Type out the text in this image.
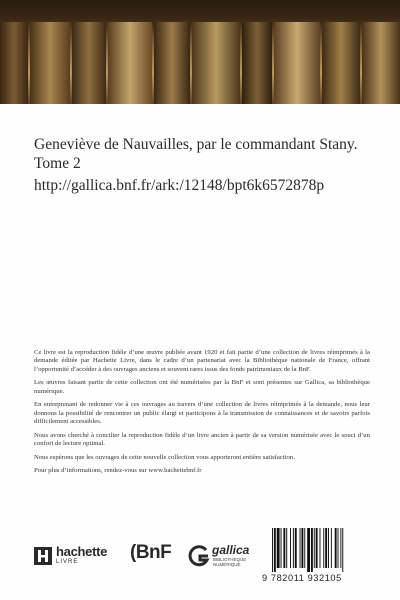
Geneviève de Nauvailles, par le commandant Stany. Tome 2
http://gallica.bnf.fr/ark:/12148/bpt6k6572878p

Ce livre est la reproduction fidèle d’une œuvre publiée avant 1920 et fait partie d’une collection de livres réimprimés à la demande éditée par Hachette Livre, dans le cadre d’un partenariat avec la Bibliothèque nationale de France, offrant l’opportunité d’accéder à des ouvrages anciens et souvent rares issus des fonds patrimoniaux de la BnF.

Les œuvres faisant partie de cette collection ont été numérisées par la BnF et sont présentes sur Gallica, sa bibliothèque numérique.

En entreprenant de redonner vie à ces ouvrages au travers d’une collection de livres réimprimés à la demande, nous leur donnons la possibilité de rencontrer un public élargi et participons à la transmission de connaissances et de savoirs parfois difficilement accessibles.

Nous avons cherché à concilier la reproduction fidèle d’un livre ancien à partir de sa version numérisée avec le souci d’un confort de lecture optimal.

Nous espérons que les ouvrages de cette nouvelle collection vous apporteront entière satisfaction.

Pour plus d’informations, rendez-vous sur www.hachettebnf.fr

hachette
LIVRE	(BnF	gallica
BIBLIOTHÈQUE NUMÉRIQUE
9 782011 932105
